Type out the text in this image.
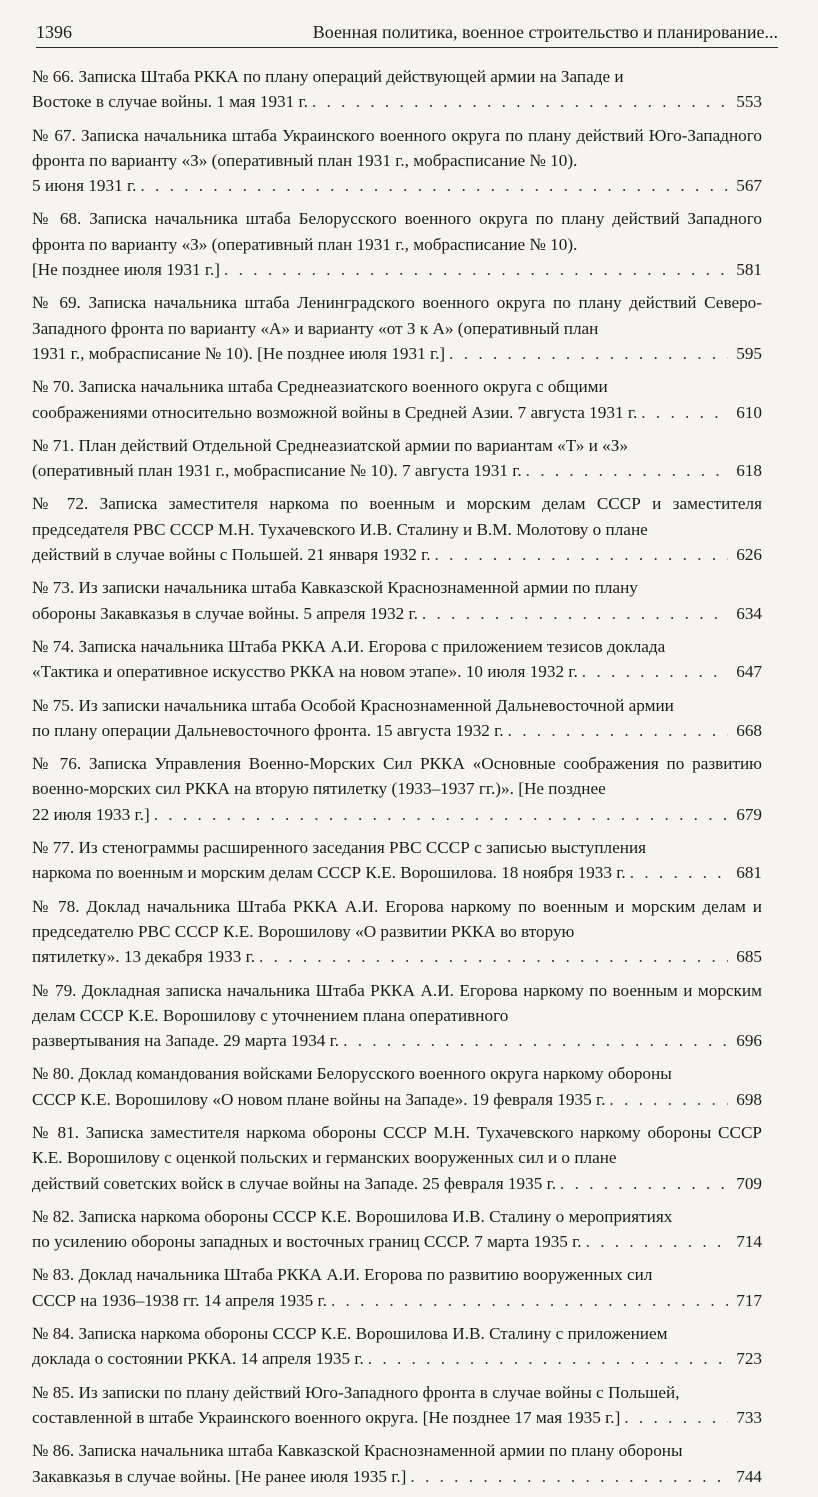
1396	Военная политика, военное строительство и планирование...
№ 66. Записка Штаба РККА по плану операций действующей армии на Западе и
Востоке в случае войны. 1 мая 1931 г. . . .	553
№ 67. Записка начальника штаба Украинского военного округа по плану действий Юго-Западного фронта по варианту «З» (оперативный план 1931 г., мобрасписание № 10).
5 июня 1931 г. . . .	567
№ 68. Записка начальника штаба Белорусского военного округа по плану действий Западного фронта по варианту «З» (оперативный план 1931 г., мобрасписание № 10).
[Не позднее июля 1931 г.] . . .	581
№ 69. Записка начальника штаба Ленинградского военного округа по плану действий Северо-Западного фронта по варианту «А» и варианту «от З к А» (оперативный план
1931 г., мобрасписание № 10). [Не позднее июля 1931 г.] . . .	595
№ 70. Записка начальника штаба Среднеазиатского военного округа с общими
соображениями относительно возможной войны в Средней Азии. 7 августа 1931 г. . . .	610
№ 71. План действий Отдельной Среднеазиатской армии по вариантам «Т» и «З»
(оперативный план 1931 г., мобрасписание № 10). 7 августа 1931 г. . . .	618
№ 72. Записка заместителя наркома по военным и морским делам СССР и заместителя председателя РВС СССР М.Н. Тухачевского И.В. Сталину и В.М. Молотову о плане
действий в случае войны с Польшей. 21 января 1932 г. . . .	626
№ 73. Из записки начальника штаба Кавказской Краснознаменной армии по плану
обороны Закавказья в случае войны. 5 апреля 1932 г. . . .	634
№ 74. Записка начальника Штаба РККА А.И. Егорова с приложением тезисов доклада
«Тактика и оперативное искусство РККА на новом этапе». 10 июля 1932 г. . . .	647
№ 75. Из записки начальника штаба Особой Краснознаменной Дальневосточной армии
по плану операции Дальневосточного фронта. 15 августа 1932 г. . . .	668
№ 76. Записка Управления Военно-Морских Сил РККА «Основные соображения по развитию военно-морских сил РККА на вторую пятилетку (1933–1937 гг.)». [Не позднее
22 июля 1933 г.] . . .	679
№ 77. Из стенограммы расширенного заседания РВС СССР с записью выступления
наркома по военным и морским делам СССР К.Е. Ворошилова. 18 ноября 1933 г. . . .	681
№ 78. Доклад начальника Штаба РККА А.И. Егорова наркому по военным и морским делам и председателю РВС СССР К.Е. Ворошилову «О развитии РККА во вторую
пятилетку». 13 декабря 1933 г. . . .	685
№ 79. Докладная записка начальника Штаба РККА А.И. Егорова наркому по военным и морским делам СССР К.Е. Ворошилову с уточнением плана оперативного
развертывания на Западе. 29 марта 1934 г. . . .	696
№ 80. Доклад командования войсками Белорусского военного округа наркому обороны
СССР К.Е. Ворошилову «О новом плане войны на Западе». 19 февраля 1935 г. . . .	698
№ 81. Записка заместителя наркома обороны СССР М.Н. Тухачевского наркому обороны СССР К.Е. Ворошилову с оценкой польских и германских вооруженных сил и о плане
действий советских войск в случае войны на Западе. 25 февраля 1935 г. . . .	709
№ 82. Записка наркома обороны СССР К.Е. Ворошилова И.В. Сталину о мероприятиях
по усилению обороны западных и восточных границ СССР. 7 марта 1935 г. . . .	714
№ 83. Доклад начальника Штаба РККА А.И. Егорова по развитию вооруженных сил
СССР на 1936–1938 гг. 14 апреля 1935 г. . . .	717
№ 84. Записка наркома обороны СССР К.Е. Ворошилова И.В. Сталину с приложением
доклада о состоянии РККА. 14 апреля 1935 г. . . .	723
№ 85. Из записки по плану действий Юго-Западного фронта в случае войны с Польшей,
составленной в штабе Украинского военного округа. [Не позднее 17 мая 1935 г.] . . .	733
№ 86. Записка начальника штаба Кавказской Краснознаменной армии по плану обороны
Закавказья в случае войны. [Не ранее июля 1935 г.] . . .	744
